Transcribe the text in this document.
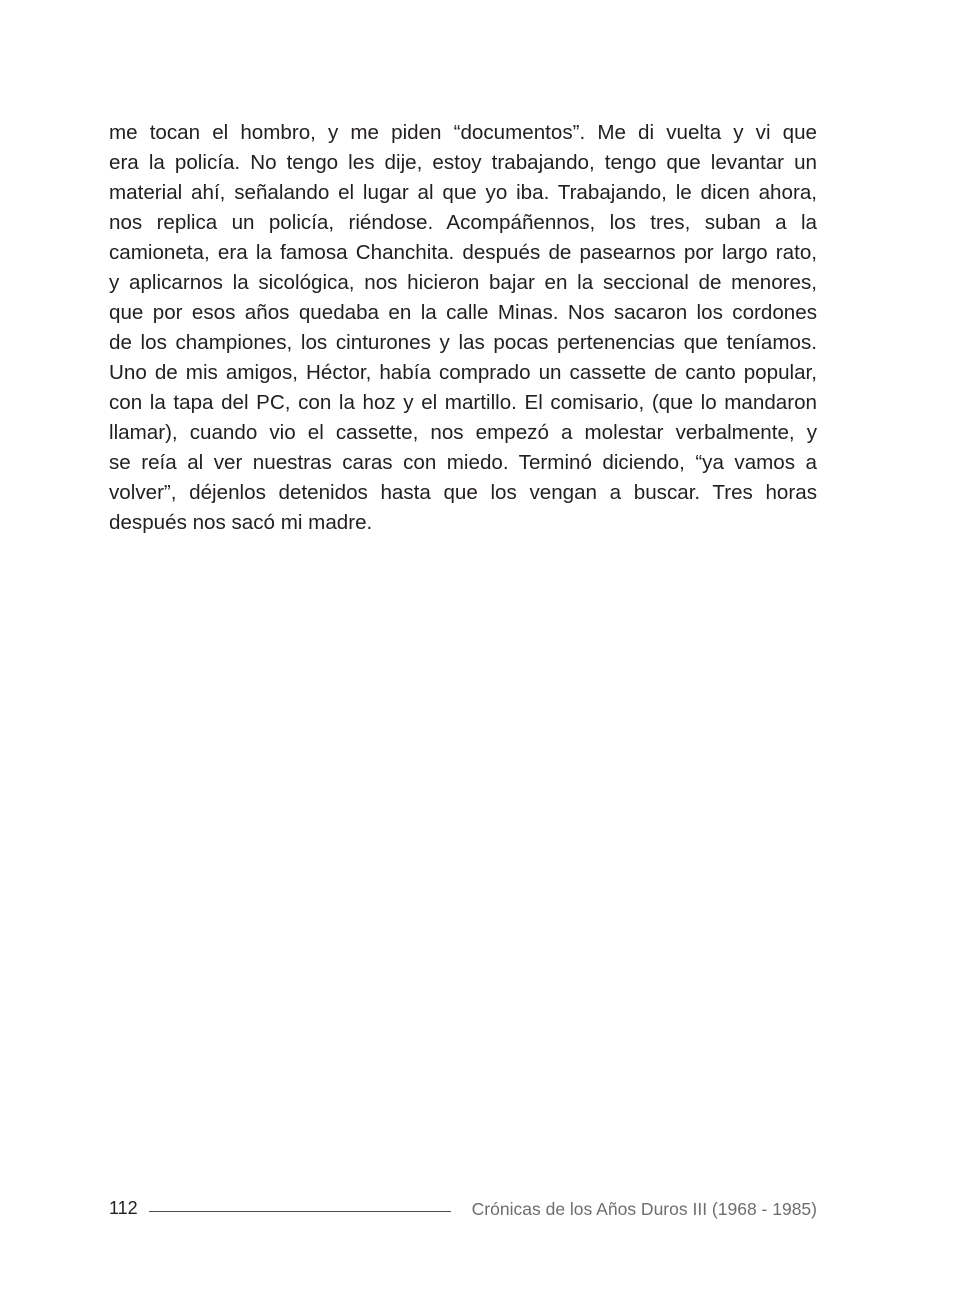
me tocan el hombro, y me piden “documentos”. Me di vuelta y vi que
era la policía. No tengo les dije, estoy trabajando, tengo que levantar un
material ahí, señalando el lugar al que yo iba. Trabajando, le dicen ahora,
nos replica un policía, riéndose. Acompáñennos, los tres, suban a la
camioneta, era la famosa Chanchita. después de pasearnos por largo rato,
y aplicarnos la sicológica, nos hicieron bajar en la seccional de menores,
que por esos años quedaba en la calle Minas. Nos sacaron los cordones
de los championes, los cinturones y las pocas pertenencias que teníamos.
Uno de mis amigos, Héctor, había comprado un cassette de canto popular,
con la tapa del PC, con la hoz y el martillo. El comisario, (que lo mandaron
llamar), cuando vio el cassette, nos empezó a molestar verbalmente, y
se reía al ver nuestras caras con miedo. Terminó diciendo, “ya vamos a
volver”, déjenlos detenidos hasta que los vengan a buscar. Tres horas
después nos sacó mi madre.
112	Crónicas de los Años Duros III (1968 - 1985)
